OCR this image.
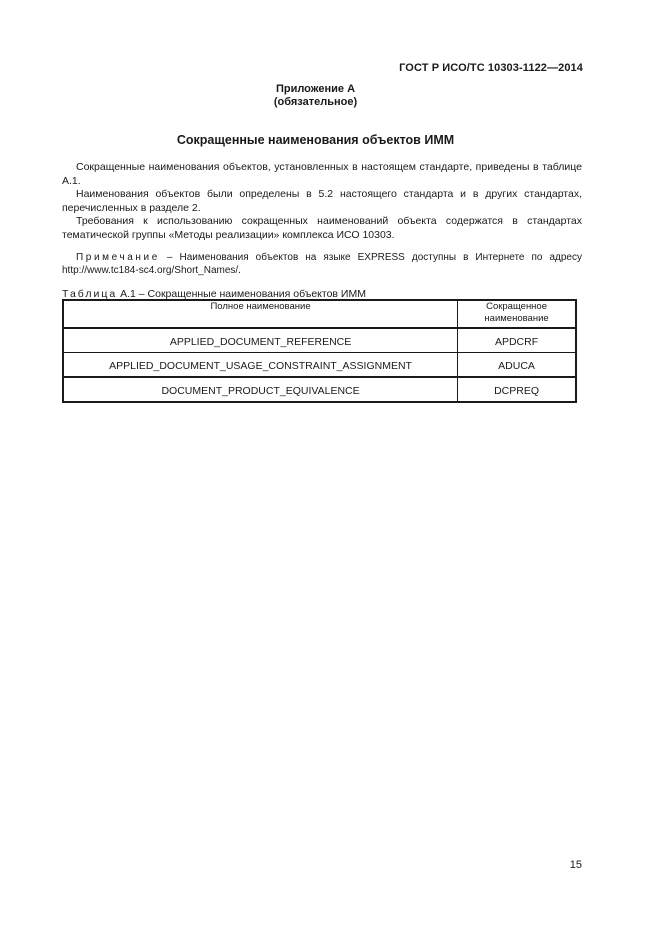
ГОСТ Р ИСО/ТС 10303-1122—2014
Приложение А
(обязательное)
Сокращенные наименования объектов ИММ
Сокращенные наименования объектов, установленных в настоящем стандарте, приведены в таблице А.1.
Наименования объектов были определены в 5.2 настоящего стандарта и в других стандартах, перечисленных в разделе 2.
Требования к использованию сокращенных наименований объекта содержатся в стандартах тематической группы «Методы реализации» комплекса ИСО 10303.
Примечание – Наименования объектов на языке EXPRESS доступны в Интернете по адресу http://www.tc184-sc4.org/Short_Names/.
Таблица А.1 – Сокращенные наименования объектов ИММ
Полное наименование	Сокращенное наименование
APPLIED_DOCUMENT_REFERENCE	APDCRF
APPLIED_DOCUMENT_USAGE_CONSTRAINT_ASSIGNMENT	ADUCA
DOCUMENT_PRODUCT_EQUIVALENCE	DCPREQ
15
